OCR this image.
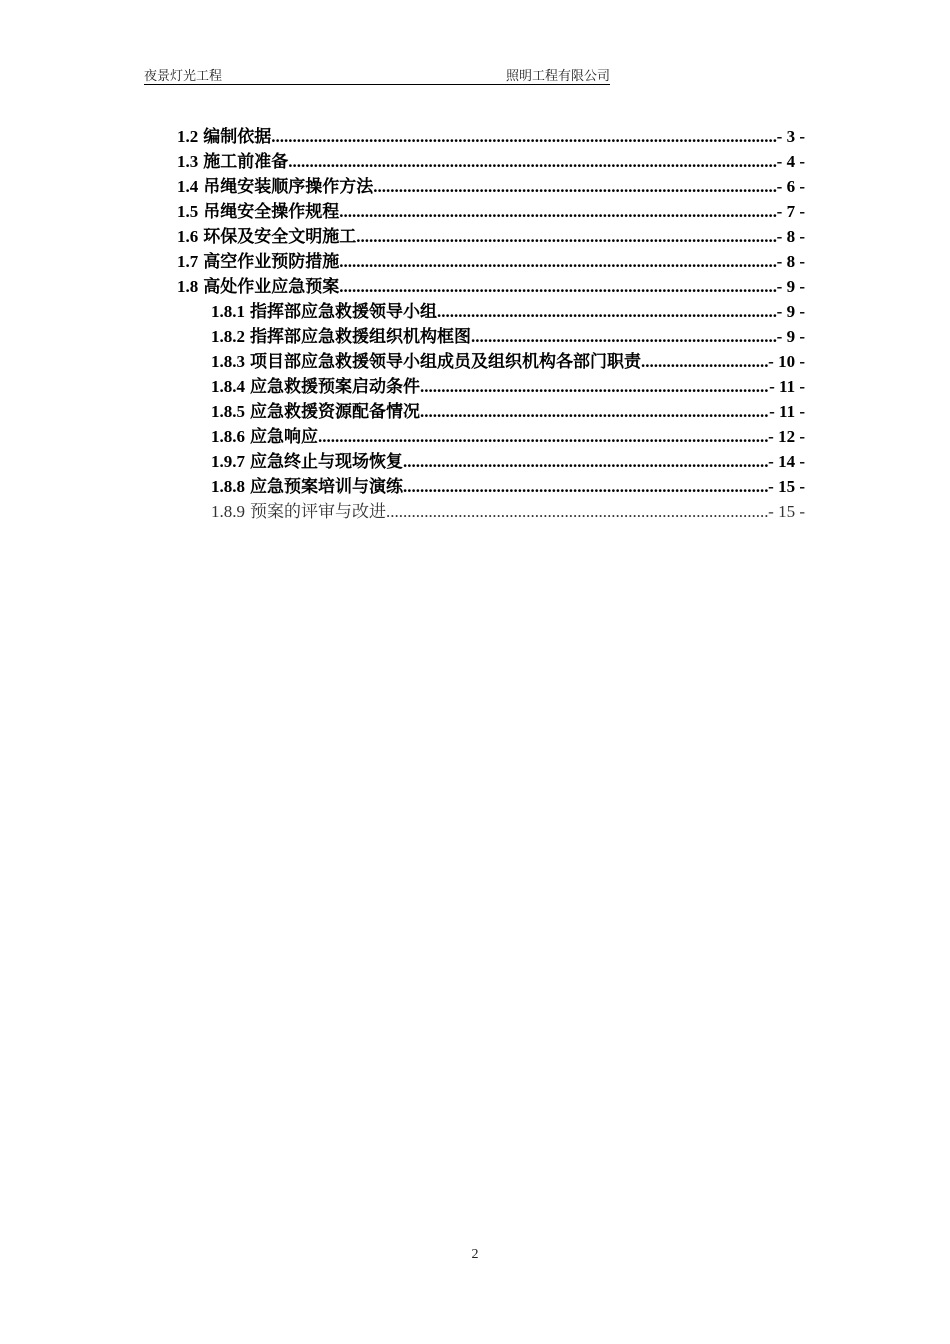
夜景灯光工程	照明工程有限公司
1.2 编制依据 .....	- 3 -
1.3 施工前准备 .....	- 4 -
1.4 吊绳安装顺序操作方法 .....	- 6 -
1.5 吊绳安全操作规程 .....	- 7 -
1.6 环保及安全文明施工 .....	- 8 -
1.7 高空作业预防措施 .....	- 8 -
1.8 高处作业应急预案 .....	- 9 -
1.8.1 指挥部应急救援领导小组 .....	- 9 -
1.8.2 指挥部应急救援组织机构框图 .....	- 9 -
1.8.3 项目部应急救援领导小组成员及组织机构各部门职责 .....	- 10 -
1.8.4 应急救援预案启动条件 .....	- 11 -
1.8.5 应急救援资源配备情况 .....	- 11 -
1.8.6 应急响应 .....	- 12 -
1.9.7 应急终止与现场恢复 .....	- 14 -
1.8.8 应急预案培训与演练 .....	- 15 -
1.8.9 预案的评审与改进 .....	- 15 -
2
